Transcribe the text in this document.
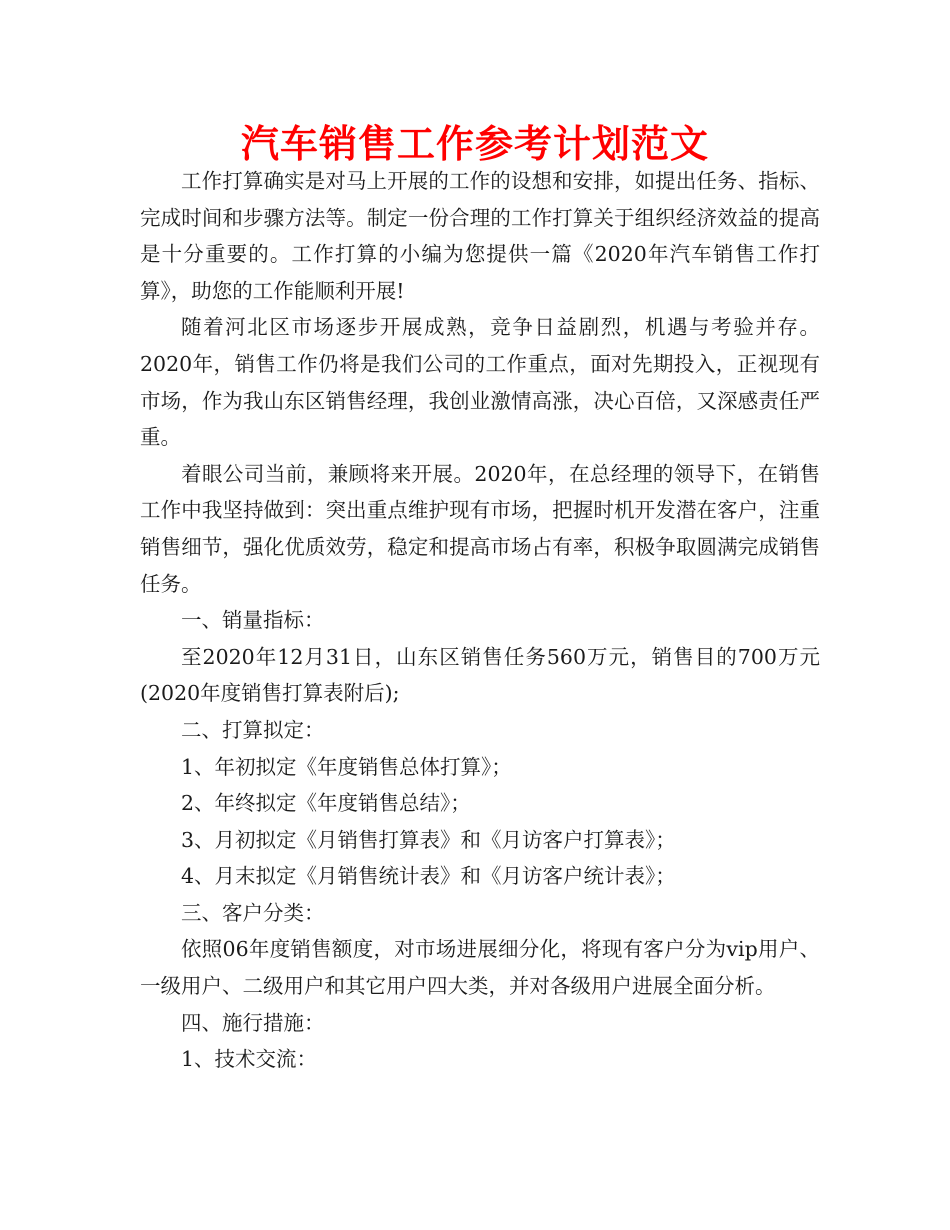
汽车销售工作参考计划范文

工作打算确实是对马上开展的工作的设想和安排，如提出任务、指标、完成时间和步骤方法等。制定一份合理的工作打算关于组织经济效益的提高是十分重要的。工作打算的小编为您提供一篇《2020年汽车销售工作打算》，助您的工作能顺利开展!

随着河北区市场逐步开展成熟，竞争日益剧烈，机遇与考验并存。2020年，销售工作仍将是我们公司的工作重点，面对先期投入，正视现有市场，作为我山东区销售经理，我创业激情高涨，决心百倍，又深感责任严重。

着眼公司当前，兼顾将来开展。2020年，在总经理的领导下，在销售工作中我坚持做到：突出重点维护现有市场，把握时机开发潜在客户，注重销售细节，强化优质效劳，稳定和提高市场占有率，积极争取圆满完成销售任务。

一、销量指标：

至2020年12月31日，山东区销售任务560万元，销售目的700万元(2020年度销售打算表附后);

二、打算拟定：

1、年初拟定《年度销售总体打算》；

2、年终拟定《年度销售总结》；

3、月初拟定《月销售打算表》和《月访客户打算表》；

4、月末拟定《月销售统计表》和《月访客户统计表》；

三、客户分类：

依照06年度销售额度，对市场进展细分化，将现有客户分为vip用户、一级用户、二级用户和其它用户四大类，并对各级用户进展全面分析。

四、施行措施：

1、技术交流：
